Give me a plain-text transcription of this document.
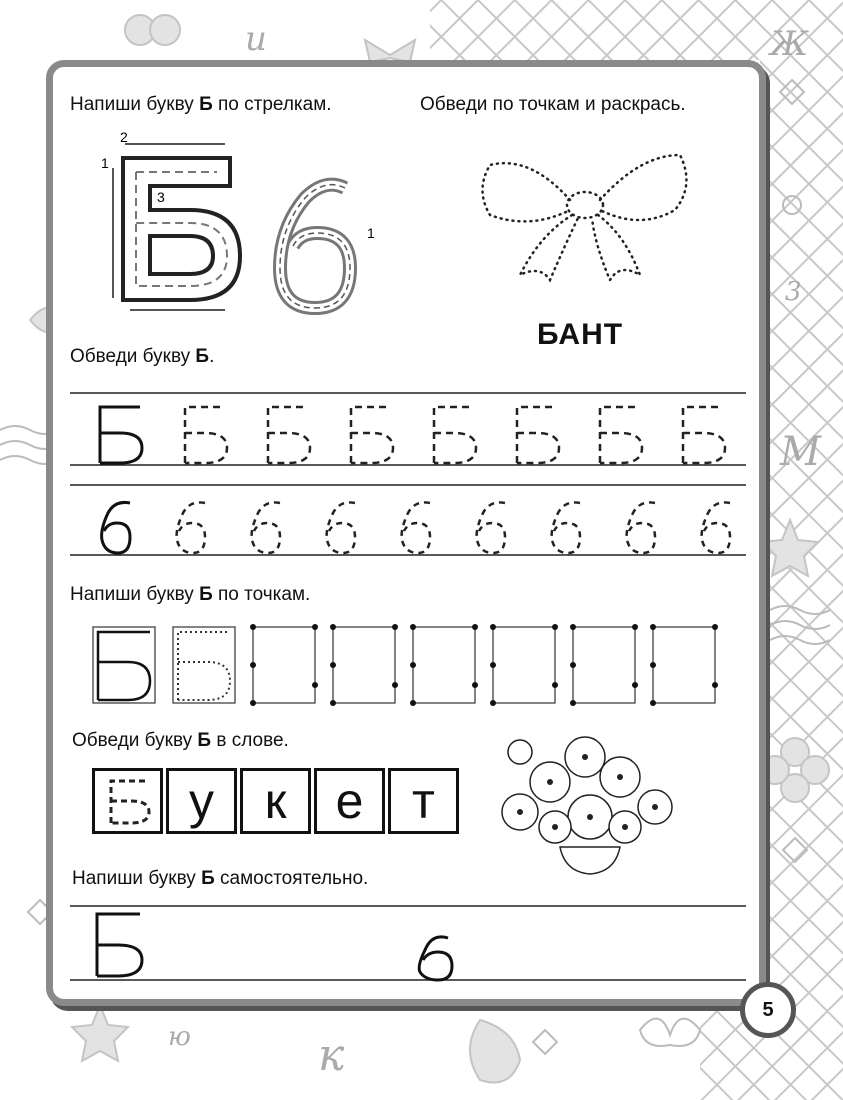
и	Ж
3
М
ю	к
Напиши букву Б по стрелкам.
2
1
3
1
Обведи по точкам и раскрась.
БАНТ
Обведи букву Б.
Напиши букву Б по точкам.
Обведи букву Б в слове.
у	к е т
Напиши букву Б самостоятельно.
5
